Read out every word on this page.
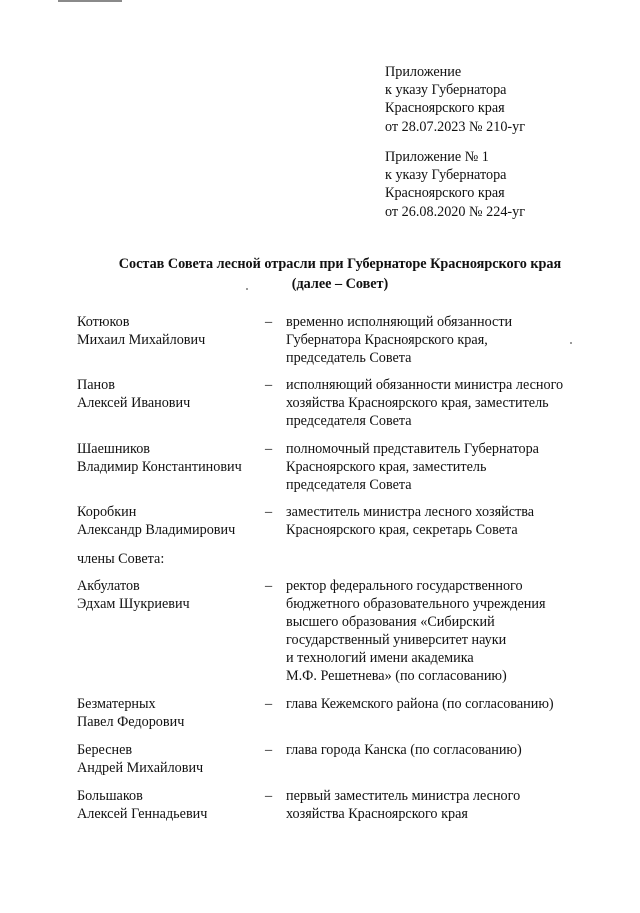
Приложение
к указу Губернатора
Красноярского края
от 28.07.2023 № 210-уг
Приложение № 1
к указу Губернатора
Красноярского края
от 26.08.2020 № 224-уг
Состав Совета лесной отрасли при Губернаторе Красноярского края
(далее – Совет)
Котюков
Михаил Михайлович
– временно исполняющий обязанности
Губернатора Красноярского края,
председатель Совета
Панов
Алексей Иванович
– исполняющий обязанности министра лесного
хозяйства Красноярского края, заместитель
председателя Совета
Шаешников
Владимир Константинович
– полномочный представитель Губернатора
Красноярского края, заместитель
председателя Совета
Коробкин
Александр Владимирович
– заместитель министра лесного хозяйства
Красноярского края, секретарь Совета
члены Совета:
Акбулатов
Эдхам Шукриевич
– ректор федерального государственного
бюджетного образовательного учреждения
высшего образования «Сибирский
государственный университет науки
и технологий имени академика
М.Ф. Решетнева» (по согласованию)
Безматерных
Павел Федорович
– глава Кежемского района (по согласованию)
Береснев
Андрей Михайлович
– глава города Канска (по согласованию)
Большаков
Алексей Геннадьевич
– первый заместитель министра лесного
хозяйства Красноярского края
